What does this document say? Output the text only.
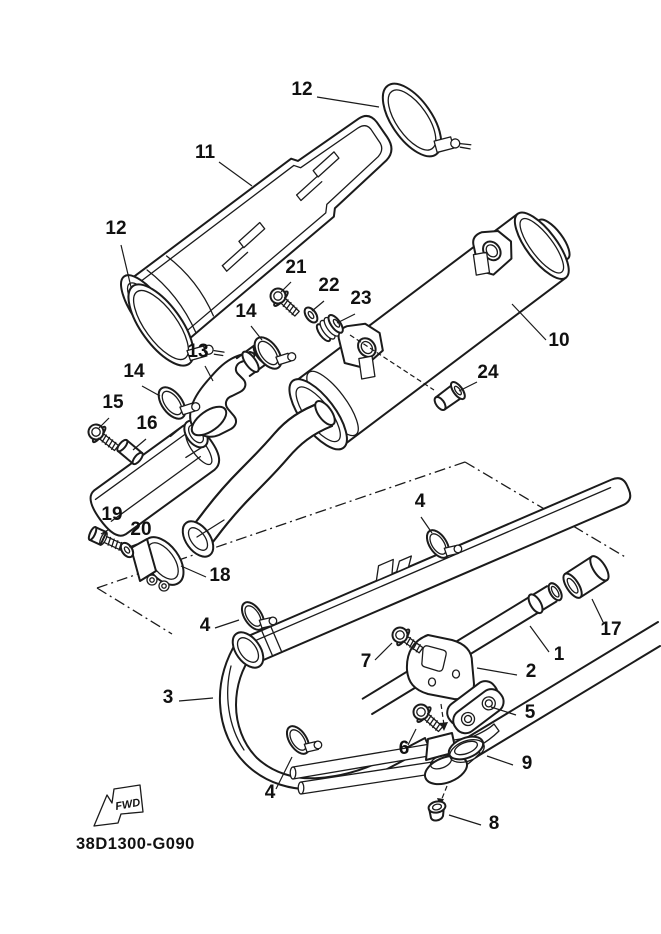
FWD
38D1300-G090
12
11
12
21
22
23
14
10
13
14
15
16
24
19
20
18
4
4	17
1
7	2
3
5
6
9
4
8
